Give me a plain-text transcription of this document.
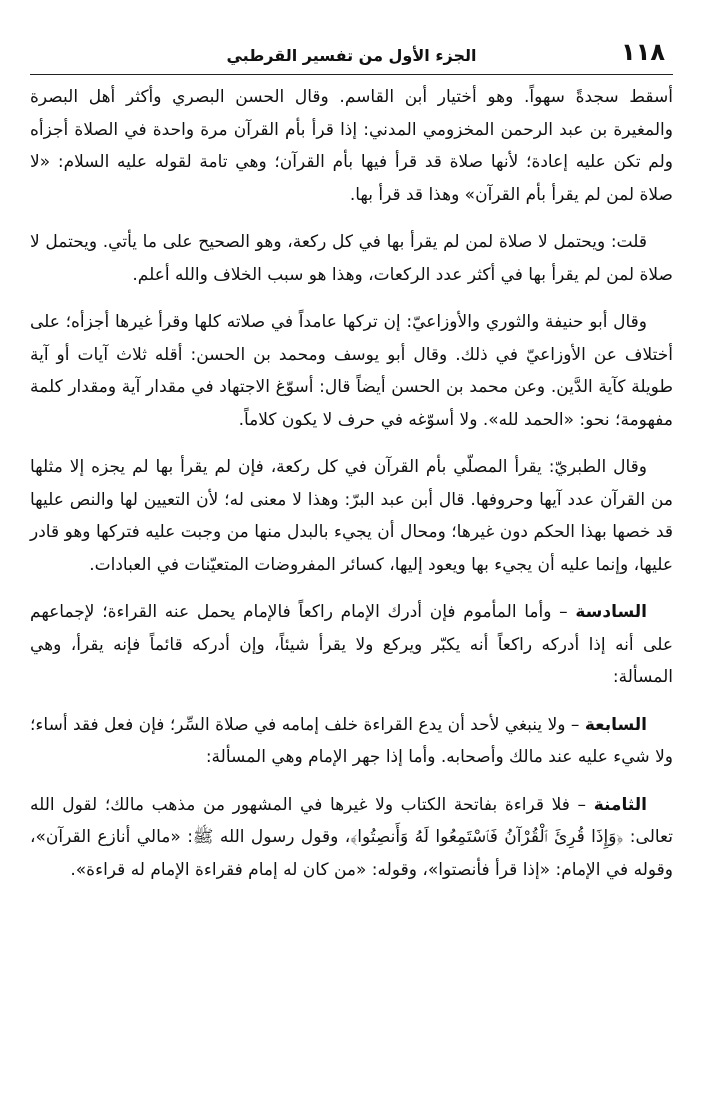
١١٨
الجزء الأول من تفسير القرطبي

أسقط سجدةً سهواً. وهو أختيار أبن القاسم. وقال الحسن البصري وأكثر أهل البصرة والمغيرة بن عبد الرحمن المخزومي المدني: إذا قرأ بأم القرآن مرة واحدة في الصلاة أجزأه ولم تكن عليه إعادة؛ لأنها صلاة قد قرأ فيها بأم القرآن؛ وهي تامة لقوله عليه السلام: «لا صلاة لمن لم يقرأ بأم القرآن» وهذا قد قرأ بها.

قلت: ويحتمل لا صلاة لمن لم يقرأ بها في كل ركعة، وهو الصحيح على ما يأتي. ويحتمل لا صلاة لمن لم يقرأ بها في أكثر عدد الركعات، وهذا هو سبب الخلاف والله أعلم.

وقال أبو حنيفة والثوري والأوزاعيّ: إن تركها عامداً في صلاته كلها وقرأ غيرها أجزأه؛ على أختلاف عن الأوزاعيّ في ذلك. وقال أبو يوسف ومحمد بن الحسن: أقله ثلاث آيات أو آية طويلة كآية الدَّين. وعن محمد بن الحسن أيضاً قال: أسوّغ الاجتهاد في مقدار آية ومقدار كلمة مفهومة؛ نحو: «الحمد لله». ولا أسوّغه في حرف لا يكون كلاماً.

وقال الطبريّ: يقرأ المصلّي بأم القرآن في كل ركعة، فإن لم يقرأ بها لم يجزه إلا مثلها من القرآن عدد آيها وحروفها. قال أبن عبد البرّ: وهذا لا معنى له؛ لأن التعيين لها والنص عليها قد خصها بهذا الحكم دون غيرها؛ ومحال أن يجيء بالبدل منها من وجبت عليه فتركها وهو قادر عليها، وإنما عليه أن يجيء بها ويعود إليها، كسائر المفروضات المتعيّنات في العبادات.

السادسة – وأما المأموم فإن أدرك الإمام راكعاً فالإمام يحمل عنه القراءة؛ لإجماعهم على أنه إذا أدركه راكعاً أنه يكبّر ويركع ولا يقرأ شيئاً، وإن أدركه قائماً فإنه يقرأ، وهي المسألة:

السابعة – ولا ينبغي لأحد أن يدع القراءة خلف إمامه في صلاة السِّر؛ فإن فعل فقد أساء؛ ولا شيء عليه عند مالك وأصحابه. وأما إذا جهر الإمام وهي المسألة:

الثامنة – فلا قراءة بفاتحة الكتاب ولا غيرها في المشهور من مذهب مالك؛ لقول الله تعالى: ﴿وَإِذَا قُرِئَ ٱلْقُرْآنُ فَٱسْتَمِعُوا لَهُ وَأَنصِتُوا﴾، وقول رسول الله ﷺ: «مالي أنازع القرآن»، وقوله في الإمام: «إذا قرأ فأنصتوا»، وقوله: «من كان له إمام فقراءة الإمام له قراءة».
